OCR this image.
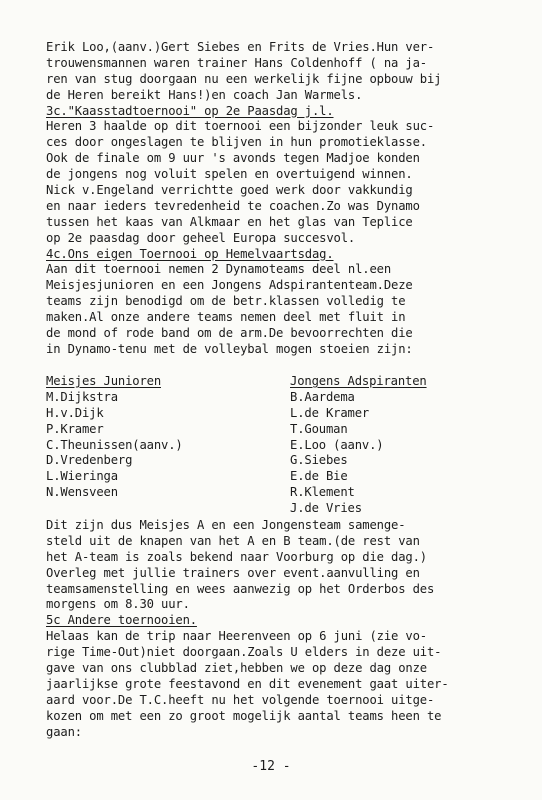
Erik Loo,(aanv.)Gert Siebes en Frits de Vries.Hun ver-
trouwensmannen waren trainer Hans Coldenhoff ( na ja-
ren van stug doorgaan nu een werkelijk fijne opbouw bij
de Heren bereikt Hans!)en coach Jan Warmels.
3c."Kaasstadtoernooi" op 2e Paasdag j.l.
Heren 3 haalde op dit toernooi een bijzonder leuk suc-
ces door ongeslagen te blijven in hun promotieklasse.
Ook de finale om 9 uur 's avonds tegen Madjoe konden
de jongens nog voluit spelen en overtuigend winnen.
Nick v.Engeland verrichtte goed werk door vakkundig
en naar ieders tevredenheid te coachen.Zo was Dynamo
tussen het kaas van Alkmaar en het glas van Teplice
op 2e paasdag door geheel Europa succesvol.
4c.Ons eigen Toernooi op Hemelvaartsdag.
Aan dit toernooi nemen 2 Dynamoteams deel nl.een
Meisjesjunioren en een Jongens Adspirantenteam.Deze
teams zijn benodigd om de betr.klassen volledig te
maken.Al onze andere teams nemen deel met fluit in
de mond of rode band om de arm.De bevoorrechten die
in Dynamo-tenu met de volleybal mogen stoeien zijn:
Meisjes Junioren
M.Dijkstra
H.v.Dijk
P.Kramer
C.Theunissen(aanv.)
D.Vredenberg
L.Wieringa
N.Wensveen
Jongens Adspiranten
B.Aardema
L.de Kramer
T.Gouman
E.Loo (aanv.)
G.Siebes
E.de Bie
R.Klement
J.de Vries
Dit zijn dus Meisjes A en een Jongensteam samenge-
steld uit de knapen van het A en B team.(de rest van
het A-team is zoals bekend naar Voorburg op die dag.)
Overleg met jullie trainers over event.aanvulling en
teamsamenstelling en wees aanwezig op het Orderbos des
morgens om 8.30 uur.
5c Andere toernooien.
Helaas kan de trip naar Heerenveen op 6 juni (zie vo-
rige Time-Out)niet doorgaan.Zoals U elders in deze uit-
gave van ons clubblad ziet,hebben we op deze dag onze
jaarlijkse grote feestavond en dit evenement gaat uiter-
aard voor.De T.C.heeft nu het volgende toernooi uitge-
kozen om met een zo groot mogelijk aantal teams heen te
gaan:
-12 -
